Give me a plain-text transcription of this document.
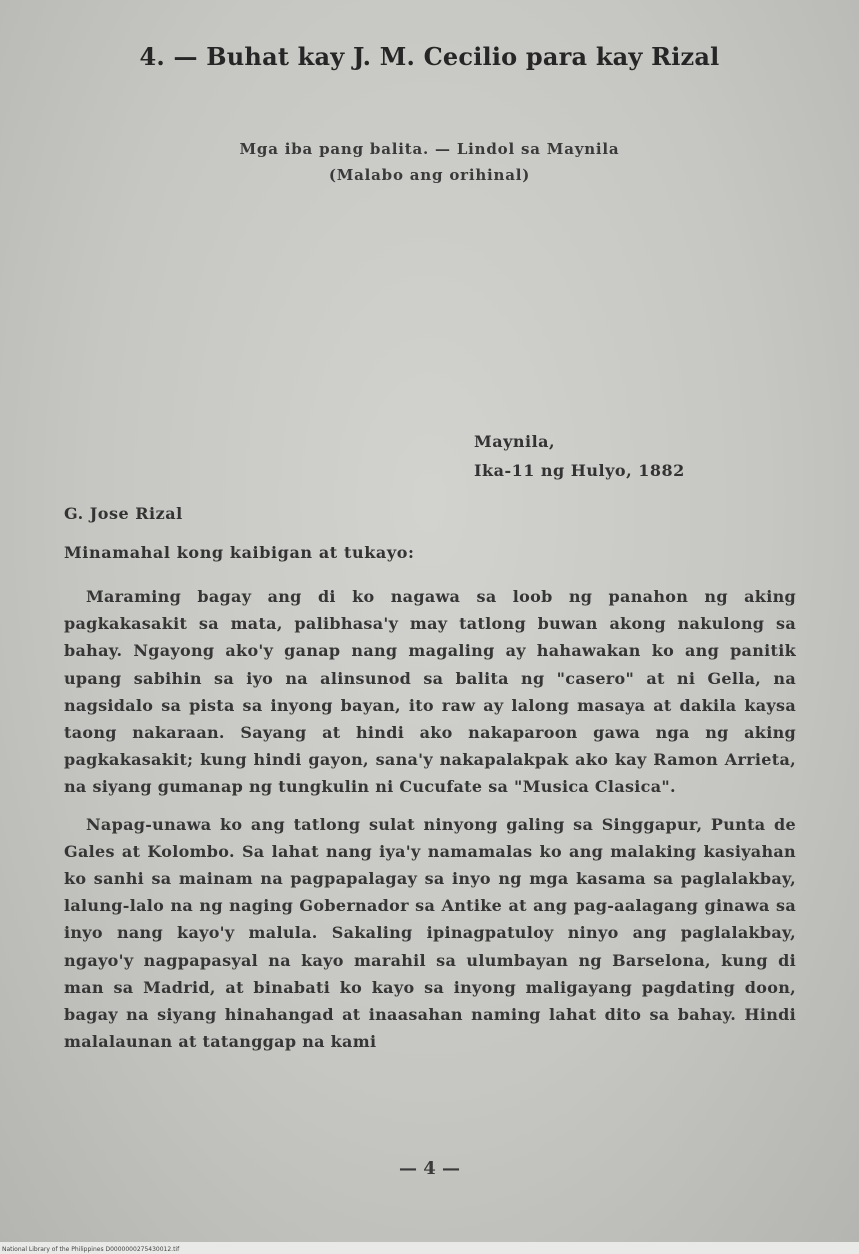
4. — Buhat kay J. M. Cecilio para kay Rizal
Mga iba pang balita. — Lindol sa Maynila
(Malabo ang orihinal)
Maynila,
Ika-11 ng Hulyo, 1882
G. Jose Rizal
Minamahal kong kaibigan at tukayo:

Maraming bagay ang di ko nagawa sa loob ng panahon ng aking pagkakasakit sa mata, palibhasa'y may tatlong buwan akong nakulong sa bahay. Ngayong ako'y ganap nang magaling ay hahawakan ko ang panitik upang sabihin sa iyo na alinsunod sa balita ng "casero" at ni Gella, na nagsidalo sa pista sa inyong bayan, ito raw ay lalong masaya at dakila kaysa taong nakaraan. Sayang at hindi ako nakaparoon gawa nga ng aking pagkakasakit; kung hindi gayon, sana'y nakapalakpak ako kay Ramon Arrieta, na siyang gumanap ng tungkulin ni Cucufate sa "Musica Clasica".

Napag-unawa ko ang tatlong sulat ninyong galing sa Singgapur, Punta de Gales at Kolombo. Sa lahat nang iya'y namamalas ko ang malaking kasiyahan ko sanhi sa mainam na pagpapalagay sa inyo ng mga kasama sa paglalakbay, lalung-lalo na ng naging Gobernador sa Antike at ang pag-aalagang ginawa sa inyo nang kayo'y malula. Sakaling ipinagpatuloy ninyo ang paglalakbay, ngayo'y nagpapasyal na kayo marahil sa ulumbayan ng Barselona, kung di man sa Madrid, at binabati ko kayo sa inyong maligayang pagdating doon, bagay na siyang hinahangad at inaasahan naming lahat dito sa bahay. Hindi malalaunan at tatanggap na kami

— 4 —
National Library of the Philippines D0000000275430012.tif
